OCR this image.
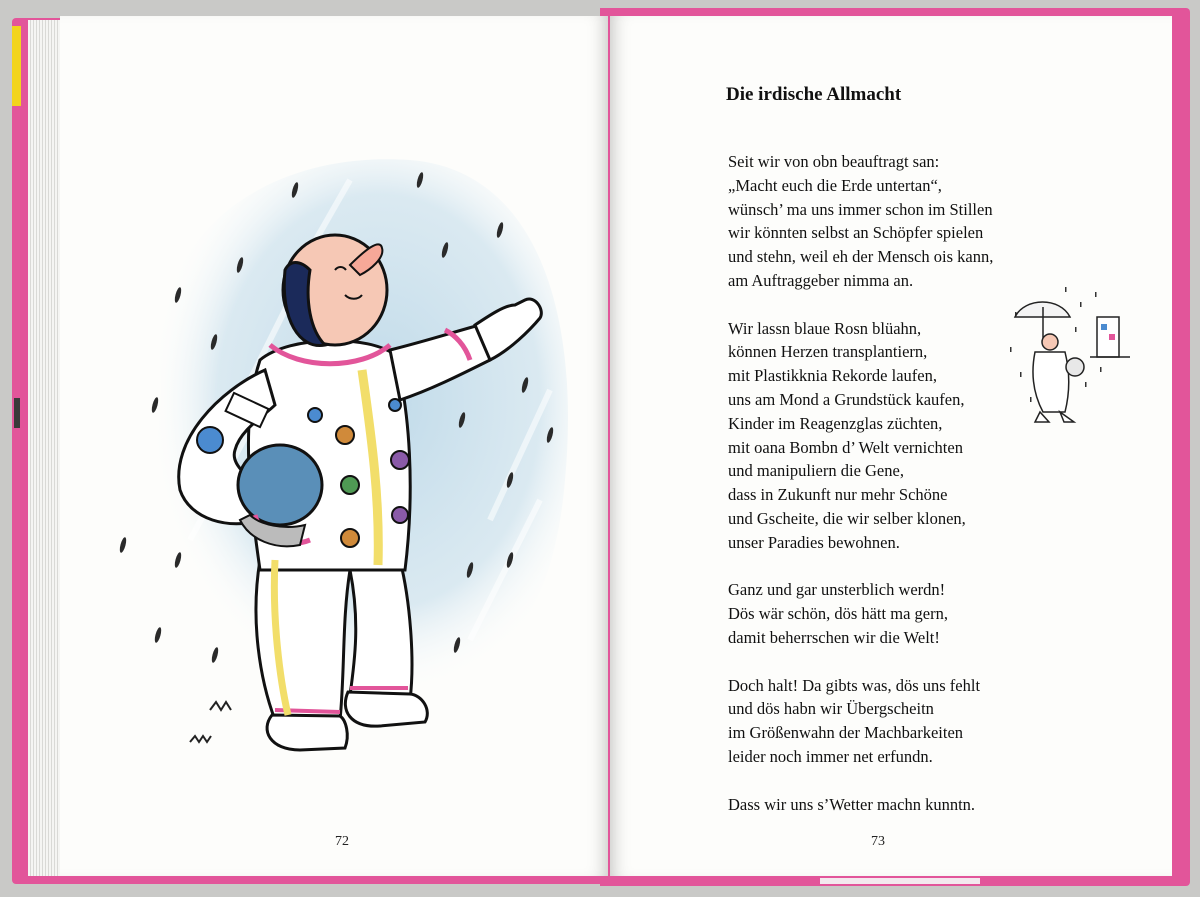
Die irdische Allmacht

Seit wir von obn beauftragt san:
„Macht euch die Erde untertan“,
wünsch’ ma uns immer schon im Stillen
wir könnten selbst an Schöpfer spielen
und stehn, weil eh der Mensch ois kann,
am Auftraggeber nimma an.

Wir lassn blaue Rosn blüahn,
können Herzen transplantiern,
mit Plastikknia Rekorde laufen,
uns am Mond a Grundstück kaufen,
Kinder im Reagenzglas züchten,
mit oana Bombn d’ Welt vernichten
und manipuliern die Gene,
dass in Zukunft nur mehr Schöne
und Gscheite, die wir selber klonen,
unser Paradies bewohnen.

Ganz und gar unsterblich werdn!
Dös wär schön, dös hätt ma gern,
damit beherrschen wir die Welt!

Doch halt! Da gibts was, dös uns fehlt
und dös habn wir Übergscheitn
im Größenwahn der Machbarkeiten
leider noch immer net erfundn.

Dass wir uns s’Wetter machn kunntn.

72	73
